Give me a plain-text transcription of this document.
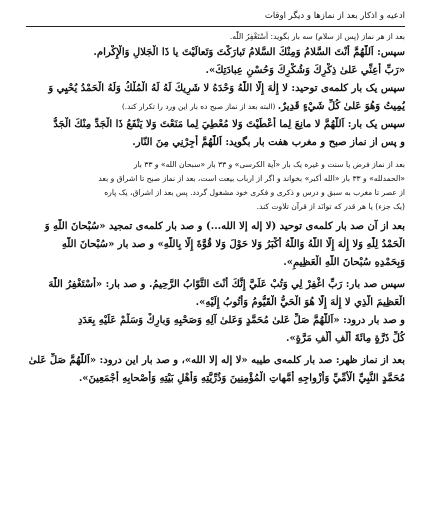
ادعیه و اذکار بعد از نمازها و دیگر اوقات
بعد از هر نماز (پس از سلام) سه بار بگوید: أَسْتَغْفِرُ اللّٰه.
سپس: اَللّٰهُمَّ أَنْتَ السَّلامُ وَمِنْكَ السَّلامُ تَبارَكْتَ وَتَعالَيْتَ يا ذَا الْجَلالِ وَالْإِكْرام.
«رَبِّ أَعِنِّي عَلىٰ ذِكْرِكَ وَشُكْرِكَ وَحُسْنِ عِبادَتِكَ».
سپس یک بار کلمه‌ی توحید: لا إِلٰهَ إِلَّا اللّٰهُ وَحْدَهُ لا شَرِيكَ لَهُ لَهُ الْمُلْكُ وَلَهُ الْحَمْدُ يُحْيِي وَ
يُمِيتُ وَهُوَ عَلىٰ كُلِّ شَيْءٍ قَدِيرٌ. (البته بعد از نماز صبح ده بار این ورد را تکرار کند.)
سپس یک بار: اَللّٰهُمَّ لا مانِعَ لِما أَعْطَيْتَ وَلا مُعْطِيَ لِما مَنَعْتَ وَلا يَنْفَعُ ذَا الْجَدِّ مِنْكَ الْجَدُّ
و پس از نماز صبح و مغرب هفت بار بگوید: اَللّٰهُمَّ أَجِرْنِي مِنَ النّار.
بعد از نماز فرض یا سنت و غیره یک بار «آیة الکرسی» و ۳۳ بار «سبحان الله» و ۳۳ بار
«الحمدلله» و ۳۳ بار «الله أکبر» بخواند و اگر از ارباب بیعت است، بعد از نماز صبح تا اشراق و بعد
از عصر تا مغرب به سبق و درس و ذکری و فکری خود مشغول گردد. پس بعد از اشراق، یک پاره
(یک جزء) یا هر قدر که توانَد از قرآن تلاوت کند.
بعد از آن صد بار کلمه‌ی توحید (لا إله إلا الله...) و صد بار کلمه‌ی تمجید «سُبْحانَ اللّٰهِ وَ
الْحَمْدُ لِلّٰهِ وَلا إِلٰهَ إِلَّا اللّٰهُ وَاللّٰهُ أَكْبَرُ وَلا حَوْلَ وَلا قُوَّةَ إِلَّا بِاللّٰهِ» و صد بار «سُبْحانَ اللّٰهِ
وَبِحَمْدِهِ سُبْحانَ اللّٰهِ الْعَظِيمِ».
سپس صد بار: رَبِّ اغْفِرْ لِي وَتُبْ عَلَيَّ إِنَّكَ أَنْتَ التَّوّابُ الرَّحِيمُ. و صد بار: «أَسْتَغْفِرُ اللّٰهَ
الْعَظِيمَ الَّذِي لا إِلٰهَ إِلَّا هُوَ الْحَيُّ الْقَيُّومُ وَأَتُوبُ إِلَيْهِ».
و صد بار درود: «اَللّٰهُمَّ صَلِّ عَلىٰ مُحَمَّدٍ وَعَلىٰ آلِهِ وَصَحْبِهِ وَبارِكْ وَسَلِّمْ عَلَيْهِ بِعَدَدِ
كُلِّ ذَرَّةٍ مِائَةَ أَلْفِ أَلْفِ مَرَّةٍ».
بعد از نماز ظهر: صد بار کلمه‌ی طیبه «لا إله إلا الله»، و صد بار این درود: «اَللّٰهُمَّ صَلِّ عَلىٰ
مُحَمَّدٍ النَّبِيِّ الْأُمِّيِّ وَأَزْواجِهِ أُمَّهاتِ الْمُؤْمِنِينَ وَذُرِّيَّتِهِ وَأَهْلِ بَيْتِهِ وَأَصْحابِهِ أَجْمَعِينَ».
